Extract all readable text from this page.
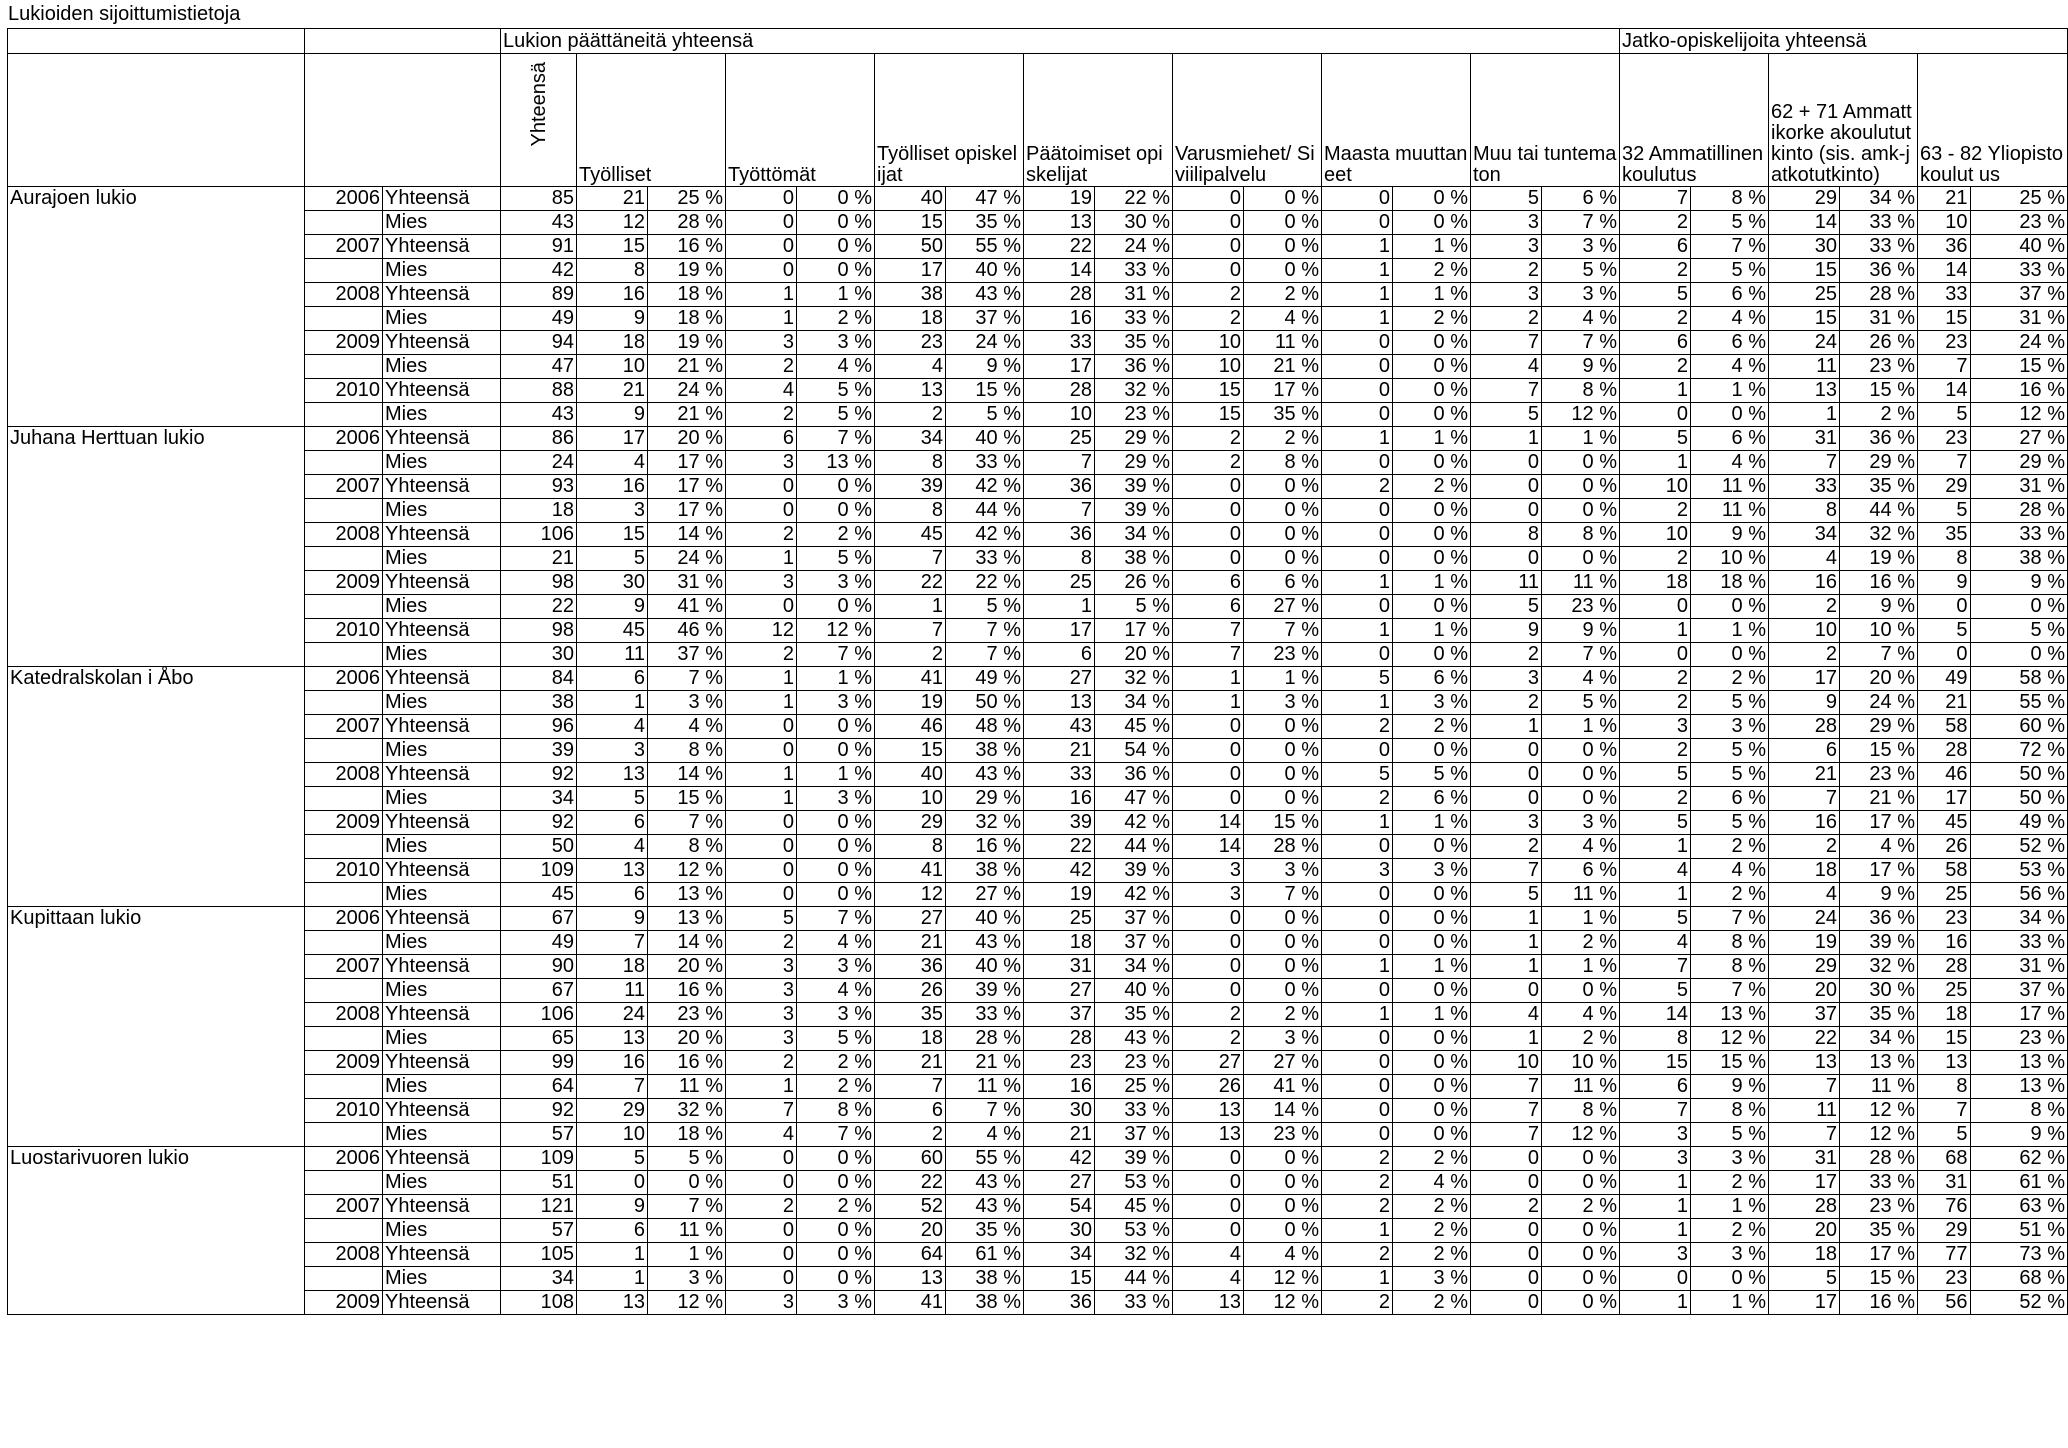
Lukioiden sijoittumistietoja
			Lukion päättäneitä yhteensä															Jatko-opiskelijoita yhteensä					

			Yhteensä	Työlliset		Työttömät		Työlliset opiskelijat		Päätoimiset opiskelijat		Varusmiehet/ Siviilipalvelu		Maasta muuttaneet		Muu tai tuntematon		32 Ammatillinen koulutus		62 + 71 Ammattikorke akoulututkinto (sis. amk-jatkotutkinto)		63 - 82 Yliopistokoulut us	
Aurajoen lukio	2006	Yhteensä	85	21	25 %	0	0 %	40	47 %	19	22 %	0	0 %	0	0 %	5	6 %	7	8 %	29	34 %	21	25 %
		Mies	43	12	28 %	0	0 %	15	35 %	13	30 %	0	0 %	0	0 %	3	7 %	2	5 %	14	33 %	10	23 %
	2007	Yhteensä	91	15	16 %	0	0 %	50	55 %	22	24 %	0	0 %	1	1 %	3	3 %	6	7 %	30	33 %	36	40 %
		Mies	42	8	19 %	0	0 %	17	40 %	14	33 %	0	0 %	1	2 %	2	5 %	2	5 %	15	36 %	14	33 %
	2008	Yhteensä	89	16	18 %	1	1 %	38	43 %	28	31 %	2	2 %	1	1 %	3	3 %	5	6 %	25	28 %	33	37 %
		Mies	49	9	18 %	1	2 %	18	37 %	16	33 %	2	4 %	1	2 %	2	4 %	2	4 %	15	31 %	15	31 %
	2009	Yhteensä	94	18	19 %	3	3 %	23	24 %	33	35 %	10	11 %	0	0 %	7	7 %	6	6 %	24	26 %	23	24 %
		Mies	47	10	21 %	2	4 %	4	9 %	17	36 %	10	21 %	0	0 %	4	9 %	2	4 %	11	23 %	7	15 %
	2010	Yhteensä	88	21	24 %	4	5 %	13	15 %	28	32 %	15	17 %	0	0 %	7	8 %	1	1 %	13	15 %	14	16 %
		Mies	43	9	21 %	2	5 %	2	5 %	10	23 %	15	35 %	0	0 %	5	12 %	0	0 %	1	2 %	5	12 %
Juhana Herttuan lukio	2006	Yhteensä	86	17	20 %	6	7 %	34	40 %	25	29 %	2	2 %	1	1 %	1	1 %	5	6 %	31	36 %	23	27 %
		Mies	24	4	17 %	3	13 %	8	33 %	7	29 %	2	8 %	0	0 %	0	0 %	1	4 %	7	29 %	7	29 %
	2007	Yhteensä	93	16	17 %	0	0 %	39	42 %	36	39 %	0	0 %	2	2 %	0	0 %	10	11 %	33	35 %	29	31 %
		Mies	18	3	17 %	0	0 %	8	44 %	7	39 %	0	0 %	0	0 %	0	0 %	2	11 %	8	44 %	5	28 %
	2008	Yhteensä	106	15	14 %	2	2 %	45	42 %	36	34 %	0	0 %	0	0 %	8	8 %	10	9 %	34	32 %	35	33 %
		Mies	21	5	24 %	1	5 %	7	33 %	8	38 %	0	0 %	0	0 %	0	0 %	2	10 %	4	19 %	8	38 %
	2009	Yhteensä	98	30	31 %	3	3 %	22	22 %	25	26 %	6	6 %	1	1 %	11	11 %	18	18 %	16	16 %	9	9 %
		Mies	22	9	41 %	0	0 %	1	5 %	1	5 %	6	27 %	0	0 %	5	23 %	0	0 %	2	9 %	0	0 %
	2010	Yhteensä	98	45	46 %	12	12 %	7	7 %	17	17 %	7	7 %	1	1 %	9	9 %	1	1 %	10	10 %	5	5 %
		Mies	30	11	37 %	2	7 %	2	7 %	6	20 %	7	23 %	0	0 %	2	7 %	0	0 %	2	7 %	0	0 %
Katedralskolan i Åbo	2006	Yhteensä	84	6	7 %	1	1 %	41	49 %	27	32 %	1	1 %	5	6 %	3	4 %	2	2 %	17	20 %	49	58 %
		Mies	38	1	3 %	1	3 %	19	50 %	13	34 %	1	3 %	1	3 %	2	5 %	2	5 %	9	24 %	21	55 %
	2007	Yhteensä	96	4	4 %	0	0 %	46	48 %	43	45 %	0	0 %	2	2 %	1	1 %	3	3 %	28	29 %	58	60 %
		Mies	39	3	8 %	0	0 %	15	38 %	21	54 %	0	0 %	0	0 %	0	0 %	2	5 %	6	15 %	28	72 %
	2008	Yhteensä	92	13	14 %	1	1 %	40	43 %	33	36 %	0	0 %	5	5 %	0	0 %	5	5 %	21	23 %	46	50 %
		Mies	34	5	15 %	1	3 %	10	29 %	16	47 %	0	0 %	2	6 %	0	0 %	2	6 %	7	21 %	17	50 %
	2009	Yhteensä	92	6	7 %	0	0 %	29	32 %	39	42 %	14	15 %	1	1 %	3	3 %	5	5 %	16	17 %	45	49 %
		Mies	50	4	8 %	0	0 %	8	16 %	22	44 %	14	28 %	0	0 %	2	4 %	1	2 %	2	4 %	26	52 %
	2010	Yhteensä	109	13	12 %	0	0 %	41	38 %	42	39 %	3	3 %	3	3 %	7	6 %	4	4 %	18	17 %	58	53 %
		Mies	45	6	13 %	0	0 %	12	27 %	19	42 %	3	7 %	0	0 %	5	11 %	1	2 %	4	9 %	25	56 %
Kupittaan lukio	2006	Yhteensä	67	9	13 %	5	7 %	27	40 %	25	37 %	0	0 %	0	0 %	1	1 %	5	7 %	24	36 %	23	34 %
		Mies	49	7	14 %	2	4 %	21	43 %	18	37 %	0	0 %	0	0 %	1	2 %	4	8 %	19	39 %	16	33 %
	2007	Yhteensä	90	18	20 %	3	3 %	36	40 %	31	34 %	0	0 %	1	1 %	1	1 %	7	8 %	29	32 %	28	31 %
		Mies	67	11	16 %	3	4 %	26	39 %	27	40 %	0	0 %	0	0 %	0	0 %	5	7 %	20	30 %	25	37 %
	2008	Yhteensä	106	24	23 %	3	3 %	35	33 %	37	35 %	2	2 %	1	1 %	4	4 %	14	13 %	37	35 %	18	17 %
		Mies	65	13	20 %	3	5 %	18	28 %	28	43 %	2	3 %	0	0 %	1	2 %	8	12 %	22	34 %	15	23 %
	2009	Yhteensä	99	16	16 %	2	2 %	21	21 %	23	23 %	27	27 %	0	0 %	10	10 %	15	15 %	13	13 %	13	13 %
		Mies	64	7	11 %	1	2 %	7	11 %	16	25 %	26	41 %	0	0 %	7	11 %	6	9 %	7	11 %	8	13 %
	2010	Yhteensä	92	29	32 %	7	8 %	6	7 %	30	33 %	13	14 %	0	0 %	7	8 %	7	8 %	11	12 %	7	8 %
		Mies	57	10	18 %	4	7 %	2	4 %	21	37 %	13	23 %	0	0 %	7	12 %	3	5 %	7	12 %	5	9 %
Luostarivuoren lukio	2006	Yhteensä	109	5	5 %	0	0 %	60	55 %	42	39 %	0	0 %	2	2 %	0	0 %	3	3 %	31	28 %	68	62 %
		Mies	51	0	0 %	0	0 %	22	43 %	27	53 %	0	0 %	2	4 %	0	0 %	1	2 %	17	33 %	31	61 %
	2007	Yhteensä	121	9	7 %	2	2 %	52	43 %	54	45 %	0	0 %	2	2 %	2	2 %	1	1 %	28	23 %	76	63 %
		Mies	57	6	11 %	0	0 %	20	35 %	30	53 %	0	0 %	1	2 %	0	0 %	1	2 %	20	35 %	29	51 %
	2008	Yhteensä	105	1	1 %	0	0 %	64	61 %	34	32 %	4	4 %	2	2 %	0	0 %	3	3 %	18	17 %	77	73 %
		Mies	34	1	3 %	0	0 %	13	38 %	15	44 %	4	12 %	1	3 %	0	0 %	0	0 %	5	15 %	23	68 %
	2009	Yhteensä	108	13	12 %	3	3 %	41	38 %	36	33 %	13	12 %	2	2 %	0	0 %	1	1 %	17	16 %	56	52 %
